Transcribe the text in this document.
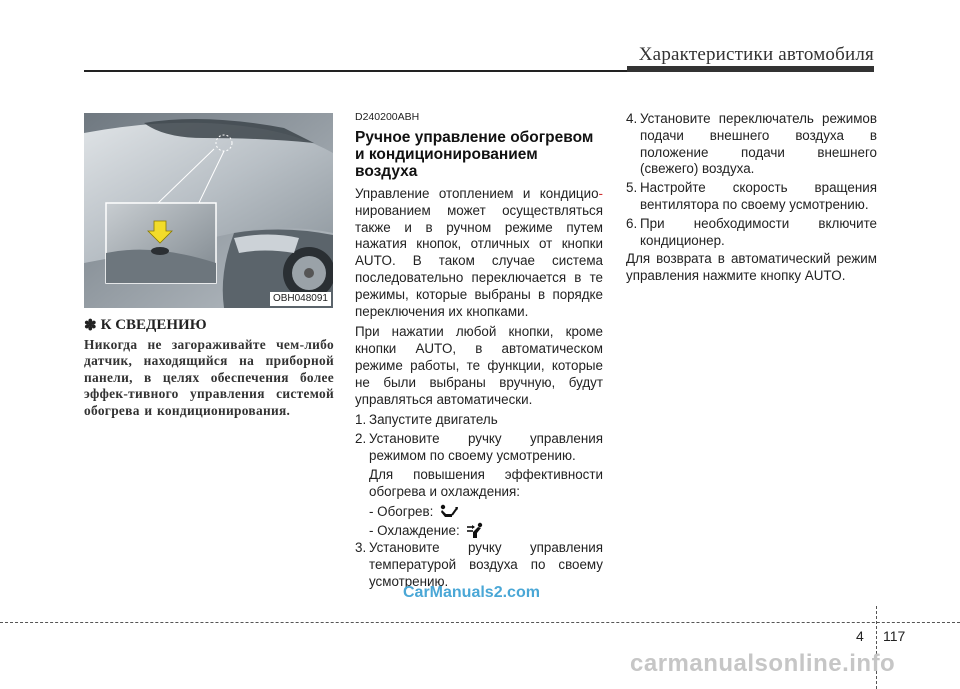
Характеристики автомобиля
OBH048091
✽ К СВЕДЕНИЮ
Никогда не загораживайте чем-либо датчик, находящийся на приборной панели, в целях обеспечения более эффек-тивного управления системой обогрева и кондиционирования.
D240200ABH
Ручное управление обогревом
и кондиционированием воздуха

Управление отоплением и кондицио- нированием может осуществляться также и в ручном режиме путем нажатия кнопок, отличных от кнопки AUTO. В таком случае система последовательно переключается в те режимы, которые выбраны в порядке переключения их кнопками.

При нажатии любой кнопки, кроме кнопки AUTO, в автоматическом режиме работы, те функции, которые не были выбраны вручную, будут управляться автоматически.

1. Запустите двигатель
2. Установите ручку управления режимом по своему усмотрению.
Для повышения эффективности обогрева и охлаждения:
- Обогрев:
- Охлаждение:
3. Установите ручку управления температурой воздуха по своему усмотрению.
4. Установите переключатель режимов подачи внешнего воздуха в положение подачи внешнего (свежего) воздуха.
5. Настройте скорость вращения вентилятора по своему усмотрению.
6. При необходимости включите кондиционер.

Для возврата в автоматический режим управления нажмите кнопку AUTO.

CarManuals2.com
4 117
carmanualsonline.info
